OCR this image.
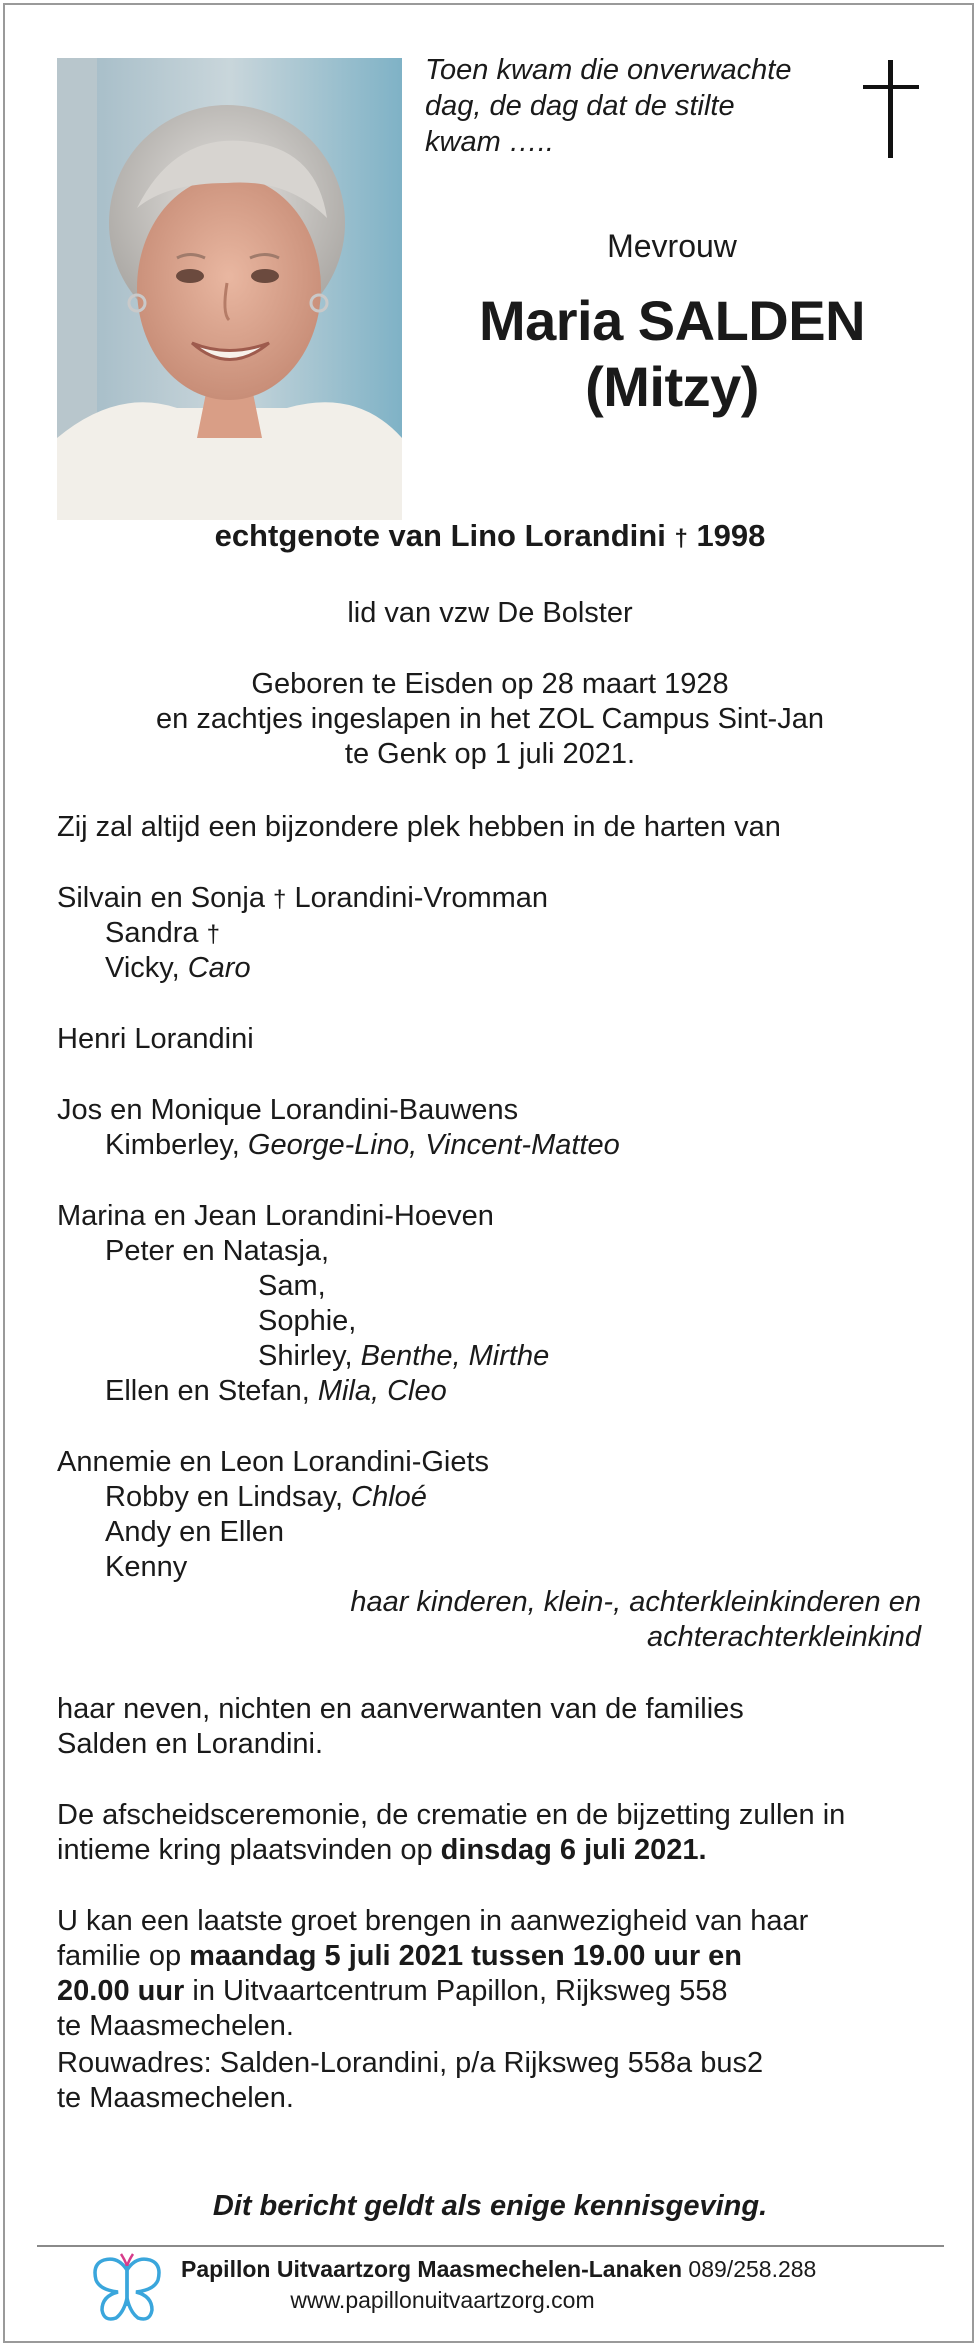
Toen kwam die onverwachte
dag, de dag dat de stilte
kwam …..
Mevrouw
Maria SALDEN
(Mitzy)
echtgenote van Lino Lorandini † 1998
lid van vzw De Bolster
Geboren te Eisden op 28 maart 1928
en zachtjes ingeslapen in het ZOL Campus Sint-Jan
te Genk op 1 juli 2021.
Zij zal altijd een bijzondere plek hebben in de harten van
Silvain en Sonja † Lorandini-Vromman
Sandra †
Vicky, Caro
Henri Lorandini
Jos en Monique Lorandini-Bauwens
Kimberley, George-Lino, Vincent-Matteo
Marina en Jean Lorandini-Hoeven
Peter en Natasja,
Sam,
Sophie,
Shirley, Benthe, Mirthe
Ellen en Stefan, Mila, Cleo
Annemie en Leon Lorandini-Giets
Robby en Lindsay, Chloé
Andy en Ellen
Kenny
haar kinderen, klein-, achterkleinkinderen en
achterachterkleinkind
haar neven, nichten en aanverwanten van de families
Salden en Lorandini.
De afscheidsceremonie, de crematie en de bijzetting zullen in
intieme kring plaatsvinden op dinsdag 6 juli 2021.
U kan een laatste groet brengen in aanwezigheid van haar
familie op maandag 5 juli 2021 tussen 19.00 uur en
20.00 uur in Uitvaartcentrum Papillon, Rijksweg 558
te Maasmechelen.
Rouwadres: Salden-Lorandini, p/a Rijksweg 558a bus2
te Maasmechelen.
Dit bericht geldt als enige kennisgeving.
Papillon Uitvaartzorg Maasmechelen-Lanaken 089/258.288
www.papillonuitvaartzorg.com
